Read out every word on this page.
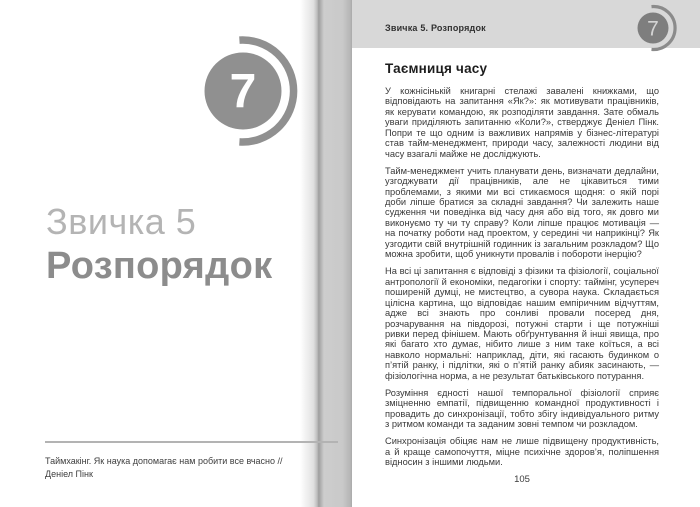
7
Звичка 5
Розпорядок
Таймхакінг. Як наука допомагає нам робити все вчасно //
Деніел Пінк
Звичка 5. Розпорядок	7
Таємниця часу

У кожнісінькій книгарні стелажі завалені книжками, що відповідають на запитання «Як?»: як мотивувати працівників, як керувати командою, як розподіляти завдання. Зате обмаль уваги приділяють запитанню «Коли?», стверджує Деніел Пінк. Попри те що одним із важливих напрямів у бізнес-літературі став тайм-менеджмент, природи часу, залежності людини від часу взагалі майже не досліджують.

Тайм-менеджмент учить планувати день, визначати дедлайни, узгоджувати дії працівників, але не цікавиться тими проблемами, з якими ми всі стикаємося щодня: о якій порі доби ліпше братися за складні завдання? Чи залежить наше судження чи поведінка від часу дня або від того, як довго ми виконуємо ту чи ту справу? Коли ліпше працює мотивація — на початку роботи над проектом, у середині чи наприкінці? Як узгодити свій внутрішній годинник із загальним розкладом? Що можна зробити, щоб уникнути провалів і побороти інерцію?

На всі ці запитання є відповіді з фізики та фізіології, соціальної антропології й економіки, педагогіки і спорту: таймінг, усупереч поширеній думці, не мистецтво, а сувора наука. Складається цілісна картина, що відповідає нашим емпіричним відчуттям, адже всі знають про сонливі провали посеред дня, розчарування на півдорозі, потужні старти і ще потужніші ривки перед фінішем. Мають обґрунтування й інші явища, про які багато хто думає, нібито лише з ним таке коїться, а всі навколо нормальні: наприклад, діти, які гасають будинком о п’ятій ранку, і підлітки, які о п’ятій ранку абияк засинають, — фізіологічна норма, а не результат батьківського потурання.

Розуміння єдності нашої темпоральної фізіології сприяє зміцненню емпатії, підвищенню командної продуктивності і провадить до синхронізації, тобто збігу індивідуального ритму з ритмом команди та заданим зовні темпом чи розкладом.

Синхронізація обіцяє нам не лише підвищену продуктивність, а й краще самопочуття, міцне психічне здоров’я, поліпшення відносин з іншими людьми.

105
